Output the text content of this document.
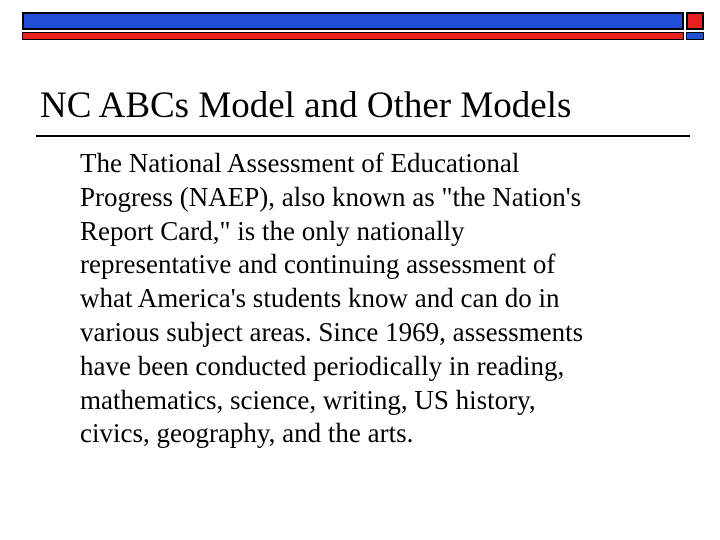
NC ABCs Model and Other Models

The National Assessment of Educational
Progress (NAEP), also known as "the Nation's
Report Card," is the only nationally
representative and continuing assessment of
what America's students know and can do in
various subject areas. Since 1969, assessments
have been conducted periodically in reading,
mathematics, science, writing, US history,
civics, geography, and the arts.
